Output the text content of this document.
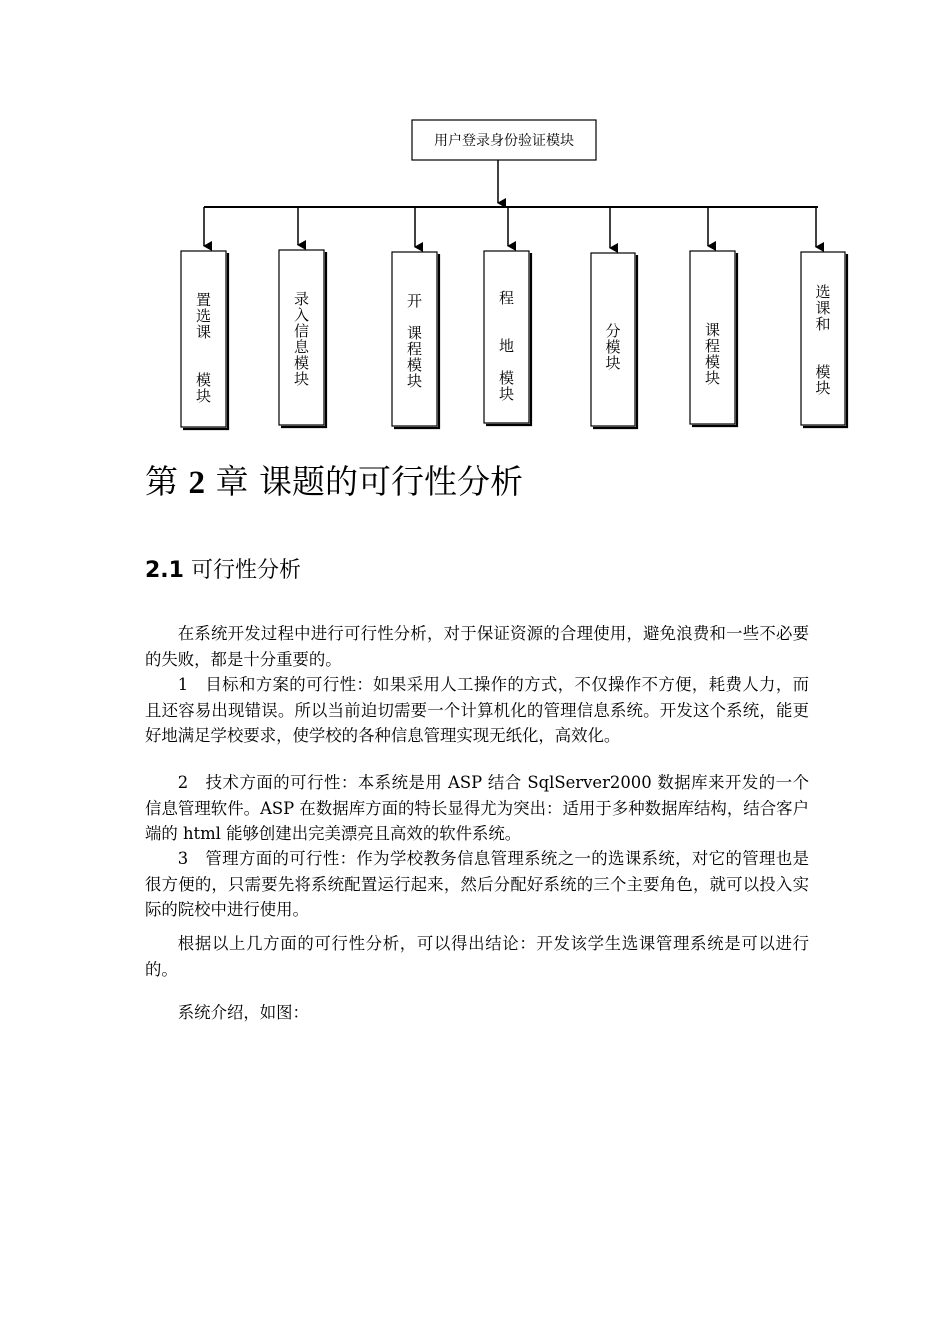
用户登录身份验证模块
置
选
课
模
块
录
入
信
息
模
块
开
课
程
模
块
程
地
模
块
分
模
块
课
程
模
块
选
课
和
模
块
第 2 章 课题的可行性分析
2.1 可行性分析

在系统开发过程中进行可行性分析，对于保证资源的合理使用，避免浪费和一些不必要的失败，都是十分重要的。

1　目标和方案的可行性：如果采用人工操作的方式，不仅操作不方便，耗费人力，而且还容易出现错误。所以当前迫切需要一个计算机化的管理信息系统。开发这个系统，能更好地满足学校要求，使学校的各种信息管理实现无纸化，高效化。

2　技术方面的可行性：本系统是用 ASP 结合 SqlServer2000 数据库来开发的一个信息管理软件。ASP 在数据库方面的特长显得尤为突出：适用于多种数据库结构，结合客户端的 html 能够创建出完美漂亮且高效的软件系统。

3　管理方面的可行性：作为学校教务信息管理系统之一的选课系统，对它的管理也是很方便的，只需要先将系统配置运行起来，然后分配好系统的三个主要角色，就可以投入实际的院校中进行使用。

根据以上几方面的可行性分析，可以得出结论：开发该学生选课管理系统是可以进行的。

系统介绍，如图：
